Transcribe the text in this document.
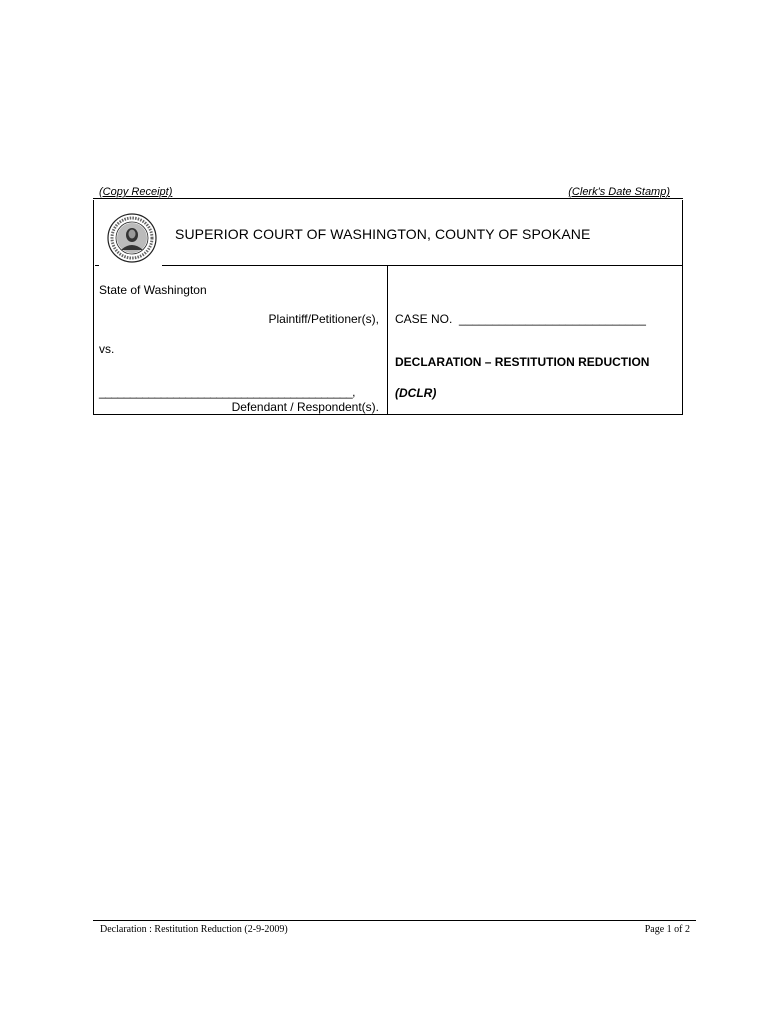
(Copy Receipt)	(Clerk's Date Stamp)
SUPERIOR COURT OF WASHINGTON, COUNTY OF SPOKANE
State of Washington
Plaintiff/Petitioner(s),
vs.
_________________________________________,
Defendant / Respondent(s).
CASE NO.  ____________________________
DECLARATION – RESTITUTION REDUCTION
(DCLR)
Declaration : Restitution Reduction (2-9-2009)	Page 1 of 2
